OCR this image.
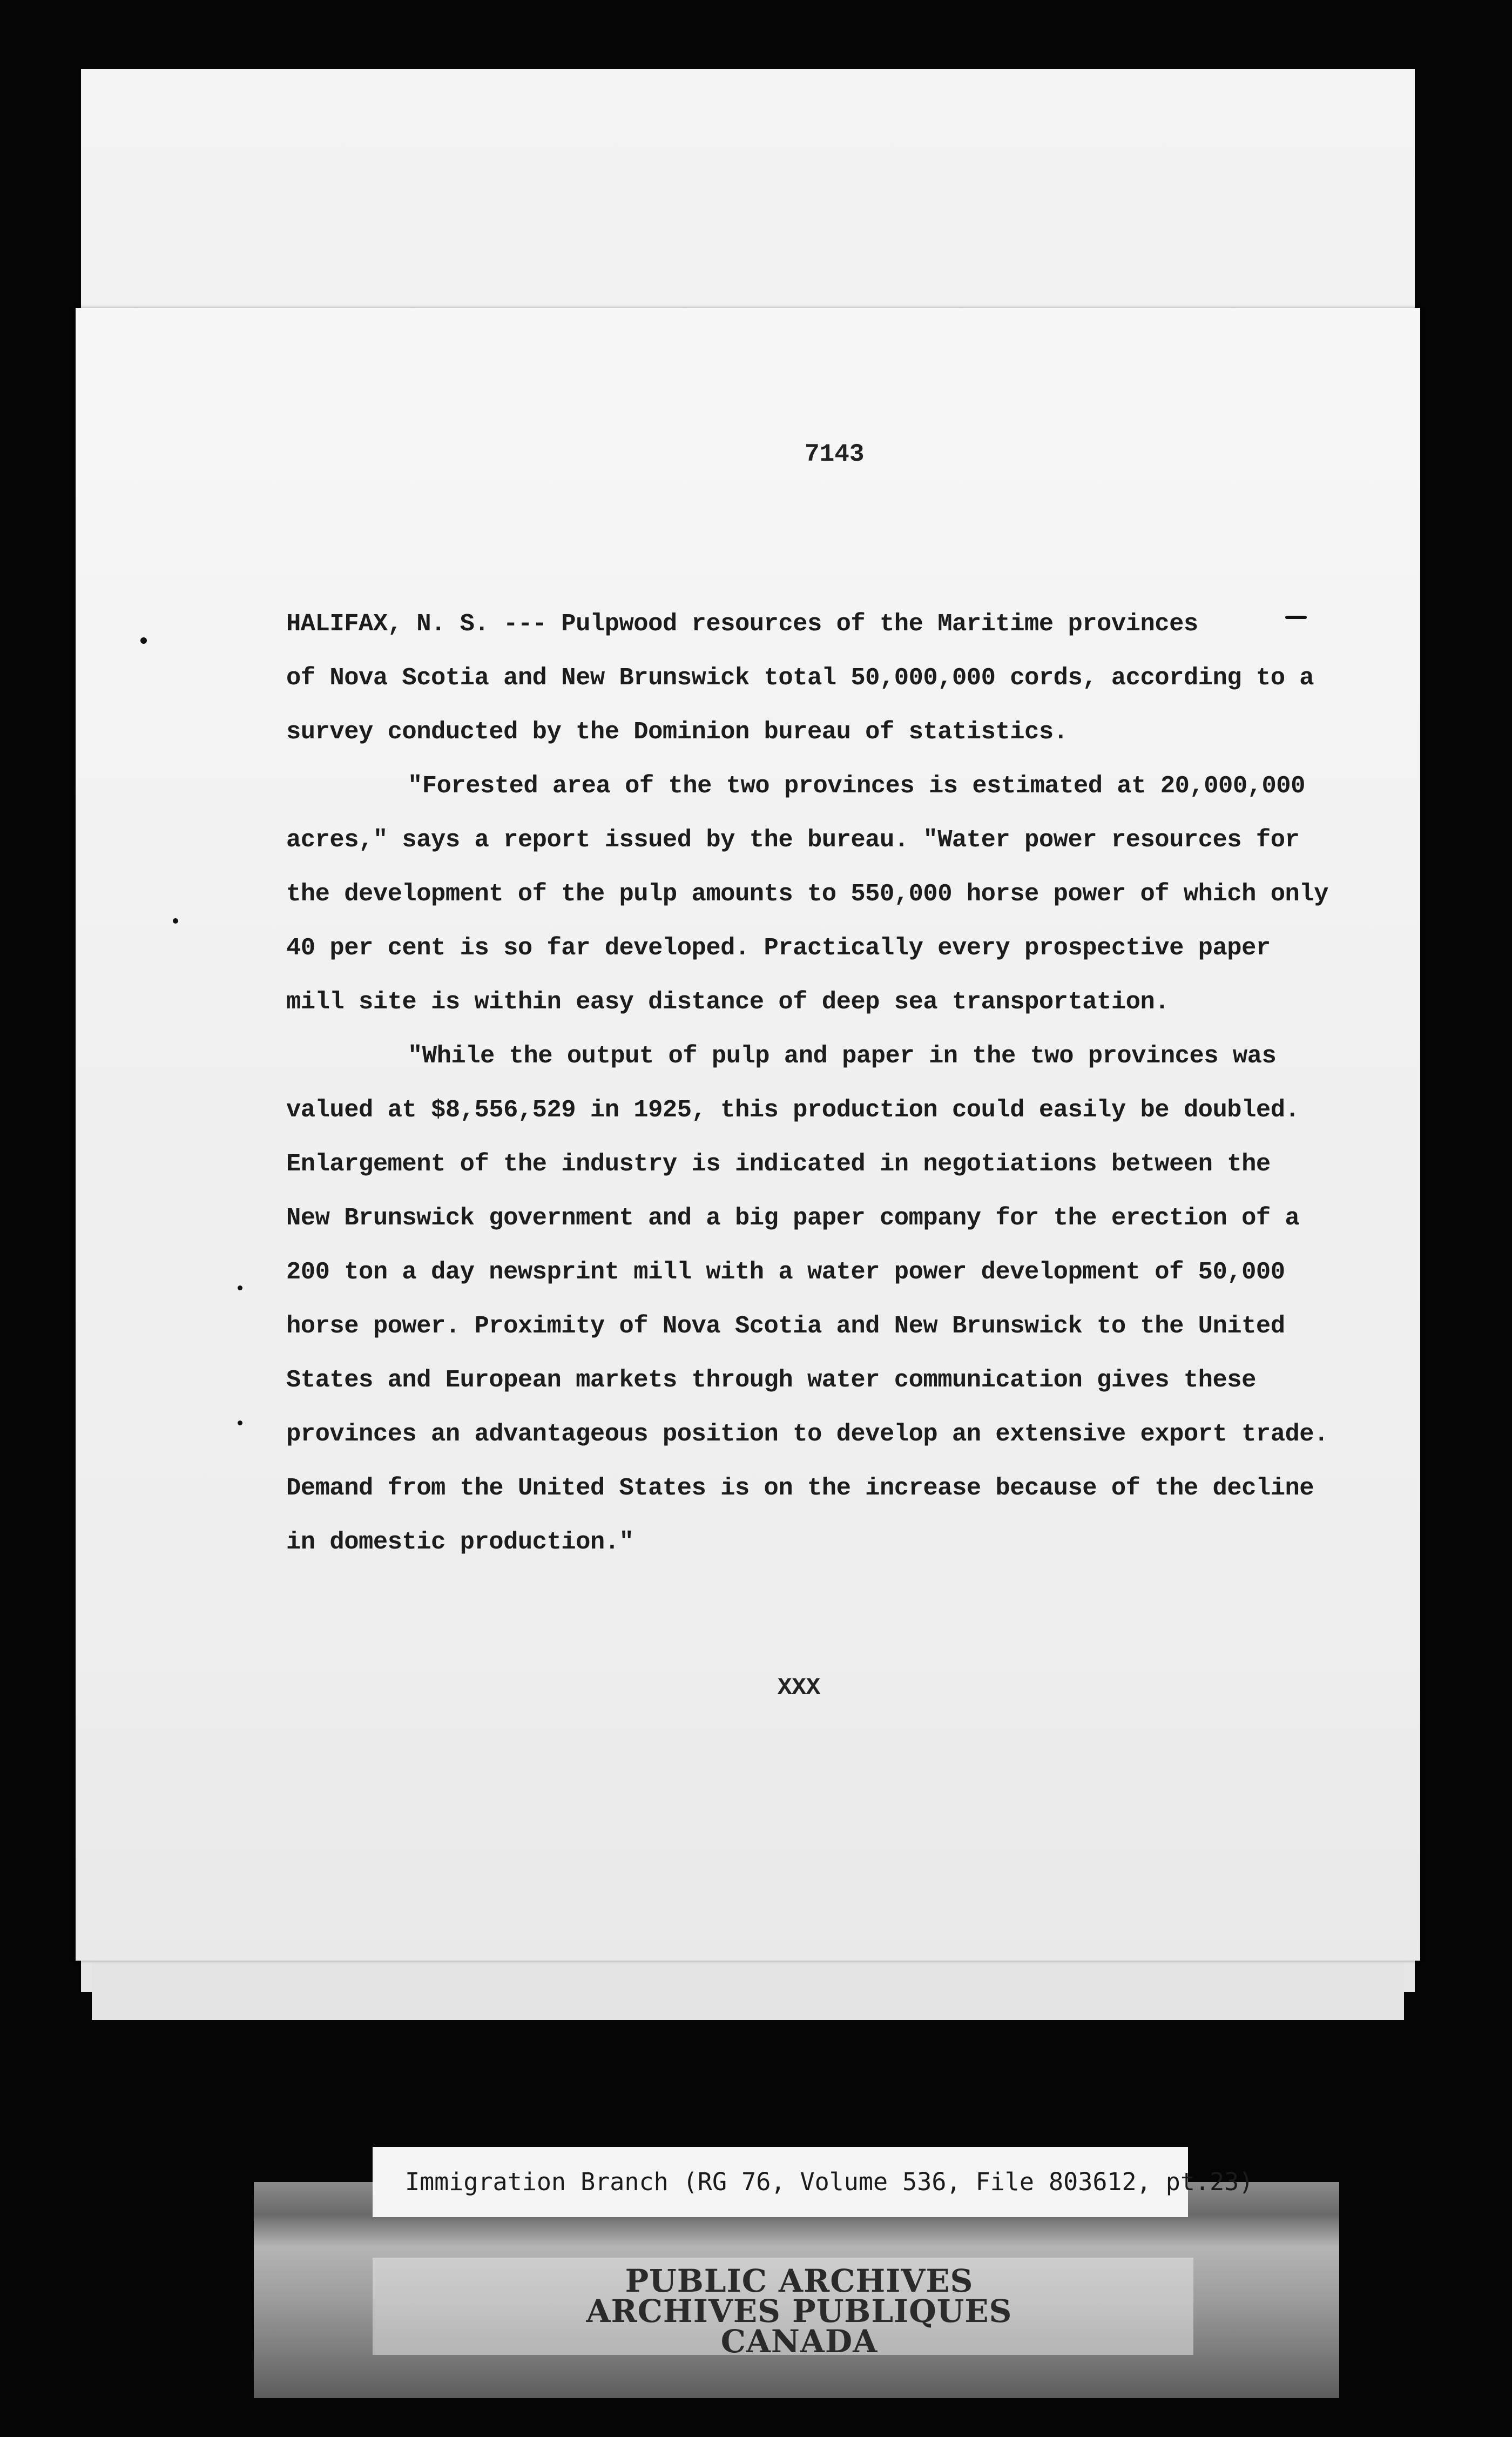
7143
HALIFAX, N. S. --- Pulpwood resources of the Maritime provinces
of Nova Scotia and New Brunswick total 50,000,000 cords, according to a
survey conducted by the Dominion bureau of statistics.
"Forested area of the two provinces is estimated at 20,000,000
acres," says a report issued by the bureau. "Water power resources for
the development of the pulp amounts to 550,000 horse power of which only
40 per cent is so far developed. Practically every prospective paper
mill site is within easy distance of deep sea transportation.
"While the output of pulp and paper in the two provinces was
valued at $8,556,529 in 1925, this production could easily be doubled.
Enlargement of the industry is indicated in negotiations between the
New Brunswick government and a big paper company for the erection of a
200 ton a day newsprint mill with a water power development of 50,000
horse power. Proximity of Nova Scotia and New Brunswick to the United
States and European markets through water communication gives these
provinces an advantageous position to develop an extensive export trade.
Demand from the United States is on the increase because of the decline
in domestic production."
XXX
Immigration Branch (RG 76, Volume 536, File 803612, pt.23)
PUBLIC ARCHIVES
ARCHIVES PUBLIQUES
CANADA
